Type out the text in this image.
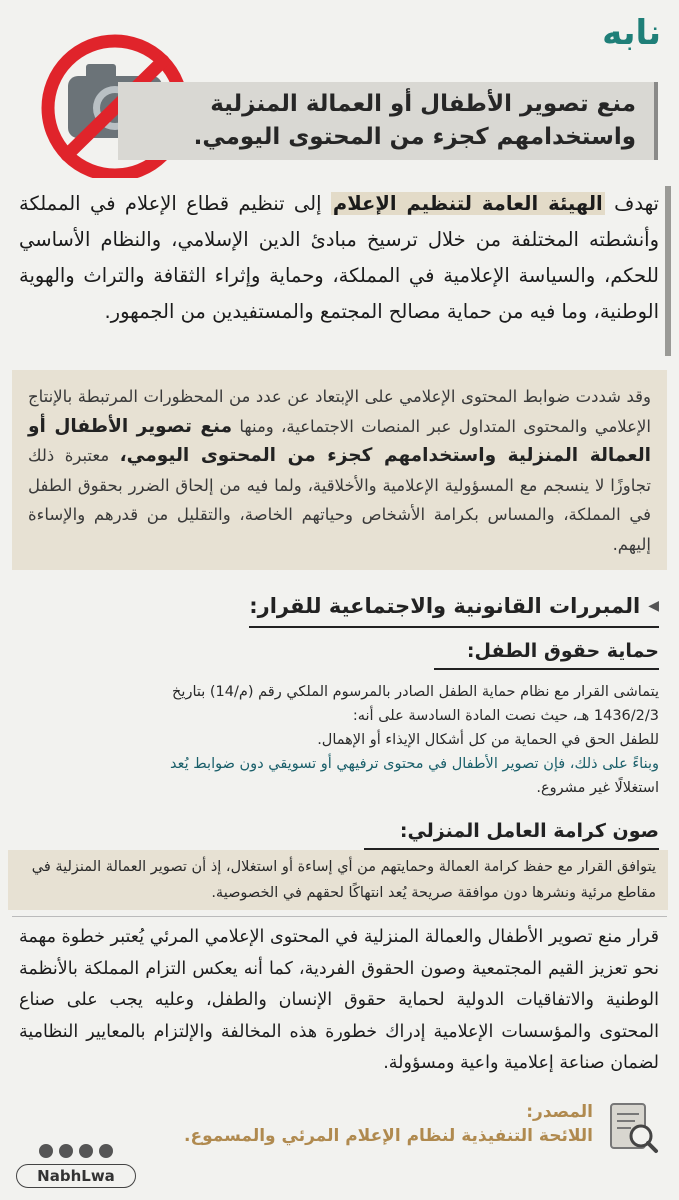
نابه
منع تصوير الأطفال أو العمالة المنزلية
واستخدامهم كجزء من المحتوى اليومي.
تهدف الهيئة العامة لتنظيم الإعلام إلى تنظيم قطاع الإعلام في المملكة وأنشطته المختلفة من خلال ترسيخ مبادئ الدين الإسلامي، والنظام الأساسي للحكم، والسياسة الإعلامية في المملكة، وحماية وإثراء الثقافة والتراث والهوية الوطنية، وما فيه من حماية مصالح المجتمع والمستفيدين من الجمهور.
وقد شددت ضوابط المحتوى الإعلامي على الإبتعاد عن عدد من المحظورات المرتبطة بالإنتاج الإعلامي والمحتوى المتداول عبر المنصات الاجتماعية، ومنها منع تصوير الأطفال أو العمالة المنزلية واستخدامهم كجزء من المحتوى اليومي، معتبرة ذلك تجاوزًا لا ينسجم مع المسؤولية الإعلامية والأخلاقية، ولما فيه من إلحاق الضرر بحقوق الطفل في المملكة، والمساس بكرامة الأشخاص وحياتهم الخاصة، والتقليل من قدرهم والإساءة إليهم.
◀
المبررات القانونية والاجتماعية للقرار:
حماية حقوق الطفل:
يتماشى القرار مع نظام حماية الطفل الصادر بالمرسوم الملكي رقم (م/14) بتاريخ
1436/2/3 هـ، حيث نصت المادة السادسة على أنه:
للطفل الحق في الحماية من كل أشكال الإيذاء أو الإهمال.
وبناءً على ذلك، فإن تصوير الأطفال في محتوى ترفيهي أو تسويقي دون ضوابط يُعد
استغلالًا غير مشروع.
صون كرامة العامل المنزلي:
يتوافق القرار مع حفظ كرامة العمالة وحمايتهم من أي إساءة أو استغلال، إذ أن تصوير العمالة المنزلية في مقاطع مرئية ونشرها دون موافقة صريحة يُعد انتهاكًا لحقهم في الخصوصية.
قرار منع تصوير الأطفال والعمالة المنزلية في المحتوى الإعلامي المرئي يُعتبر خطوة مهمة نحو تعزيز القيم المجتمعية وصون الحقوق الفردية، كما أنه يعكس التزام المملكة بالأنظمة الوطنية والاتفاقيات الدولية لحماية حقوق الإنسان والطفل، وعليه يجب على صناع المحتوى والمؤسسات الإعلامية إدراك خطورة هذه المخالفة والإلتزام بالمعايير النظامية لضمان صناعة إعلامية واعية ومسؤولة.
المصدر:
اللائحة التنفيذية لنظام الإعلام المرئي والمسموع.
NabhLwa
